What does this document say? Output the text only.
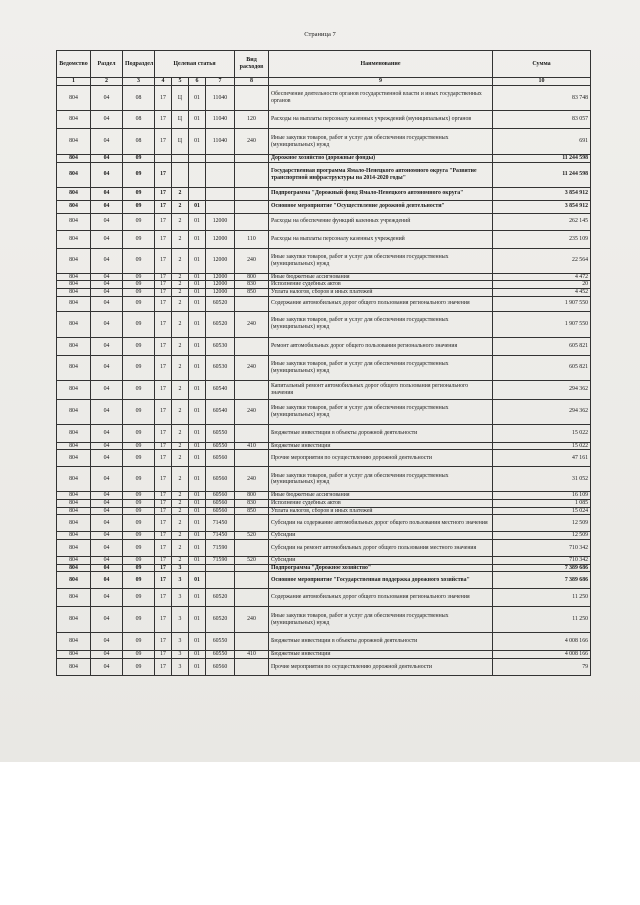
Страница 7
Ведомство	Раздел	Подраздел	Целевая статья				Вид расходов	Наименование	Сумма
1	2	3	4	5	6	7	8	9	10
804	04	08	17	Ц	01	11040		Обеспечение деятельности органов государственной власти и иных государственных органов	83 748
804	04	08	17	Ц	01	11040	120	Расходы на выплаты персоналу казенных учреждений (муниципальных) органов	83 057
804	04	08	17	Ц	01	11040	240	Иные закупки товаров, работ и услуг для обеспечения государственных (муниципальных) нужд	691
804	04	09						Дорожное хозяйство (дорожные фонды)	11 244 598
804	04	09	17					Государственная программа Ямало-Ненецкого автономного округа "Развитие транспортной инфраструктуры на 2014-2020 годы"	11 244 598
804	04	09	17	2				Подпрограмма "Дорожный фонд Ямало-Ненецкого автономного округа"	3 854 912
804	04	09	17	2	01			Основное мероприятие "Осуществление дорожной деятельности"	3 854 912
804	04	09	17	2	01	12000		Расходы на обеспечение функций казенных учреждений	262 145
804	04	09	17	2	01	12000	110	Расходы на выплаты персоналу казенных учреждений	235 109
804	04	09	17	2	01	12000	240	Иные закупки товаров, работ и услуг для обеспечения государственных (муниципальных) нужд	22 564
804	04	09	17	2	01	12000	800	Иные бюджетные ассигнования	4 472
804	04	09	17	2	01	12000	830	Исполнение судебных актов	20
804	04	09	17	2	01	12000	850	Уплата налогов, сборов и иных платежей	4 452
804	04	09	17	2	01	60520		Содержание автомобильных дорог общего пользования регионального значения	1 907 550
804	04	09	17	2	01	60520	240	Иные закупки товаров, работ и услуг для обеспечения государственных (муниципальных) нужд	1 907 550
804	04	09	17	2	01	60530		Ремонт автомобильных дорог общего пользования регионального значения	605 821
804	04	09	17	2	01	60530	240	Иные закупки товаров, работ и услуг для обеспечения государственных (муниципальных) нужд	605 821
804	04	09	17	2	01	60540		Капитальный ремонт автомобильных дорог общего пользования регионального значения	294 362
804	04	09	17	2	01	60540	240	Иные закупки товаров, работ и услуг для обеспечения государственных (муниципальных) нужд	294 362
804	04	09	17	2	01	60550		Бюджетные инвестиции в объекты дорожной деятельности	15 022
804	04	09	17	2	01	60550	410	Бюджетные инвестиции	15 022
804	04	09	17	2	01	60560		Прочие мероприятия по осуществлению дорожной деятельности	47 161
804	04	09	17	2	01	60560	240	Иные закупки товаров, работ и услуг для обеспечения государственных (муниципальных) нужд	31 052
804	04	09	17	2	01	60560	800	Иные бюджетные ассигнования	16 109
804	04	09	17	2	01	60560	830	Исполнение судебных актов	1 085
804	04	09	17	2	01	60560	850	Уплата налогов, сборов и иных платежей	15 024
804	04	09	17	2	01	71450		Субсидии на содержание автомобильных дорог общего пользования местного значения	12 509
804	04	09	17	2	01	71450	520	Субсидии	12 509
804	04	09	17	2	01	71590		Субсидии на ремонт автомобильных дорог общего пользования местного значения	710 342
804	04	09	17	2	01	71590	520	Субсидии	710 342
804	04	09	17	3				Подпрограмма "Дорожное хозяйство"	7 389 686
804	04	09	17	3	01			Основное мероприятие "Государственная поддержка дорожного хозяйства"	7 389 686
804	04	09	17	3	01	60520		Содержание автомобильных дорог общего пользования регионального значения	11 250
804	04	09	17	3	01	60520	240	Иные закупки товаров, работ и услуг для обеспечения государственных (муниципальных) нужд	11 250
804	04	09	17	3	01	60550		Бюджетные инвестиции в объекты дорожной деятельности	4 008 166
804	04	09	17	3	01	60550	410	Бюджетные инвестиции	4 008 166
804	04	09	17	3	01	60560		Прочие мероприятия по осуществлению дорожной деятельности	79
